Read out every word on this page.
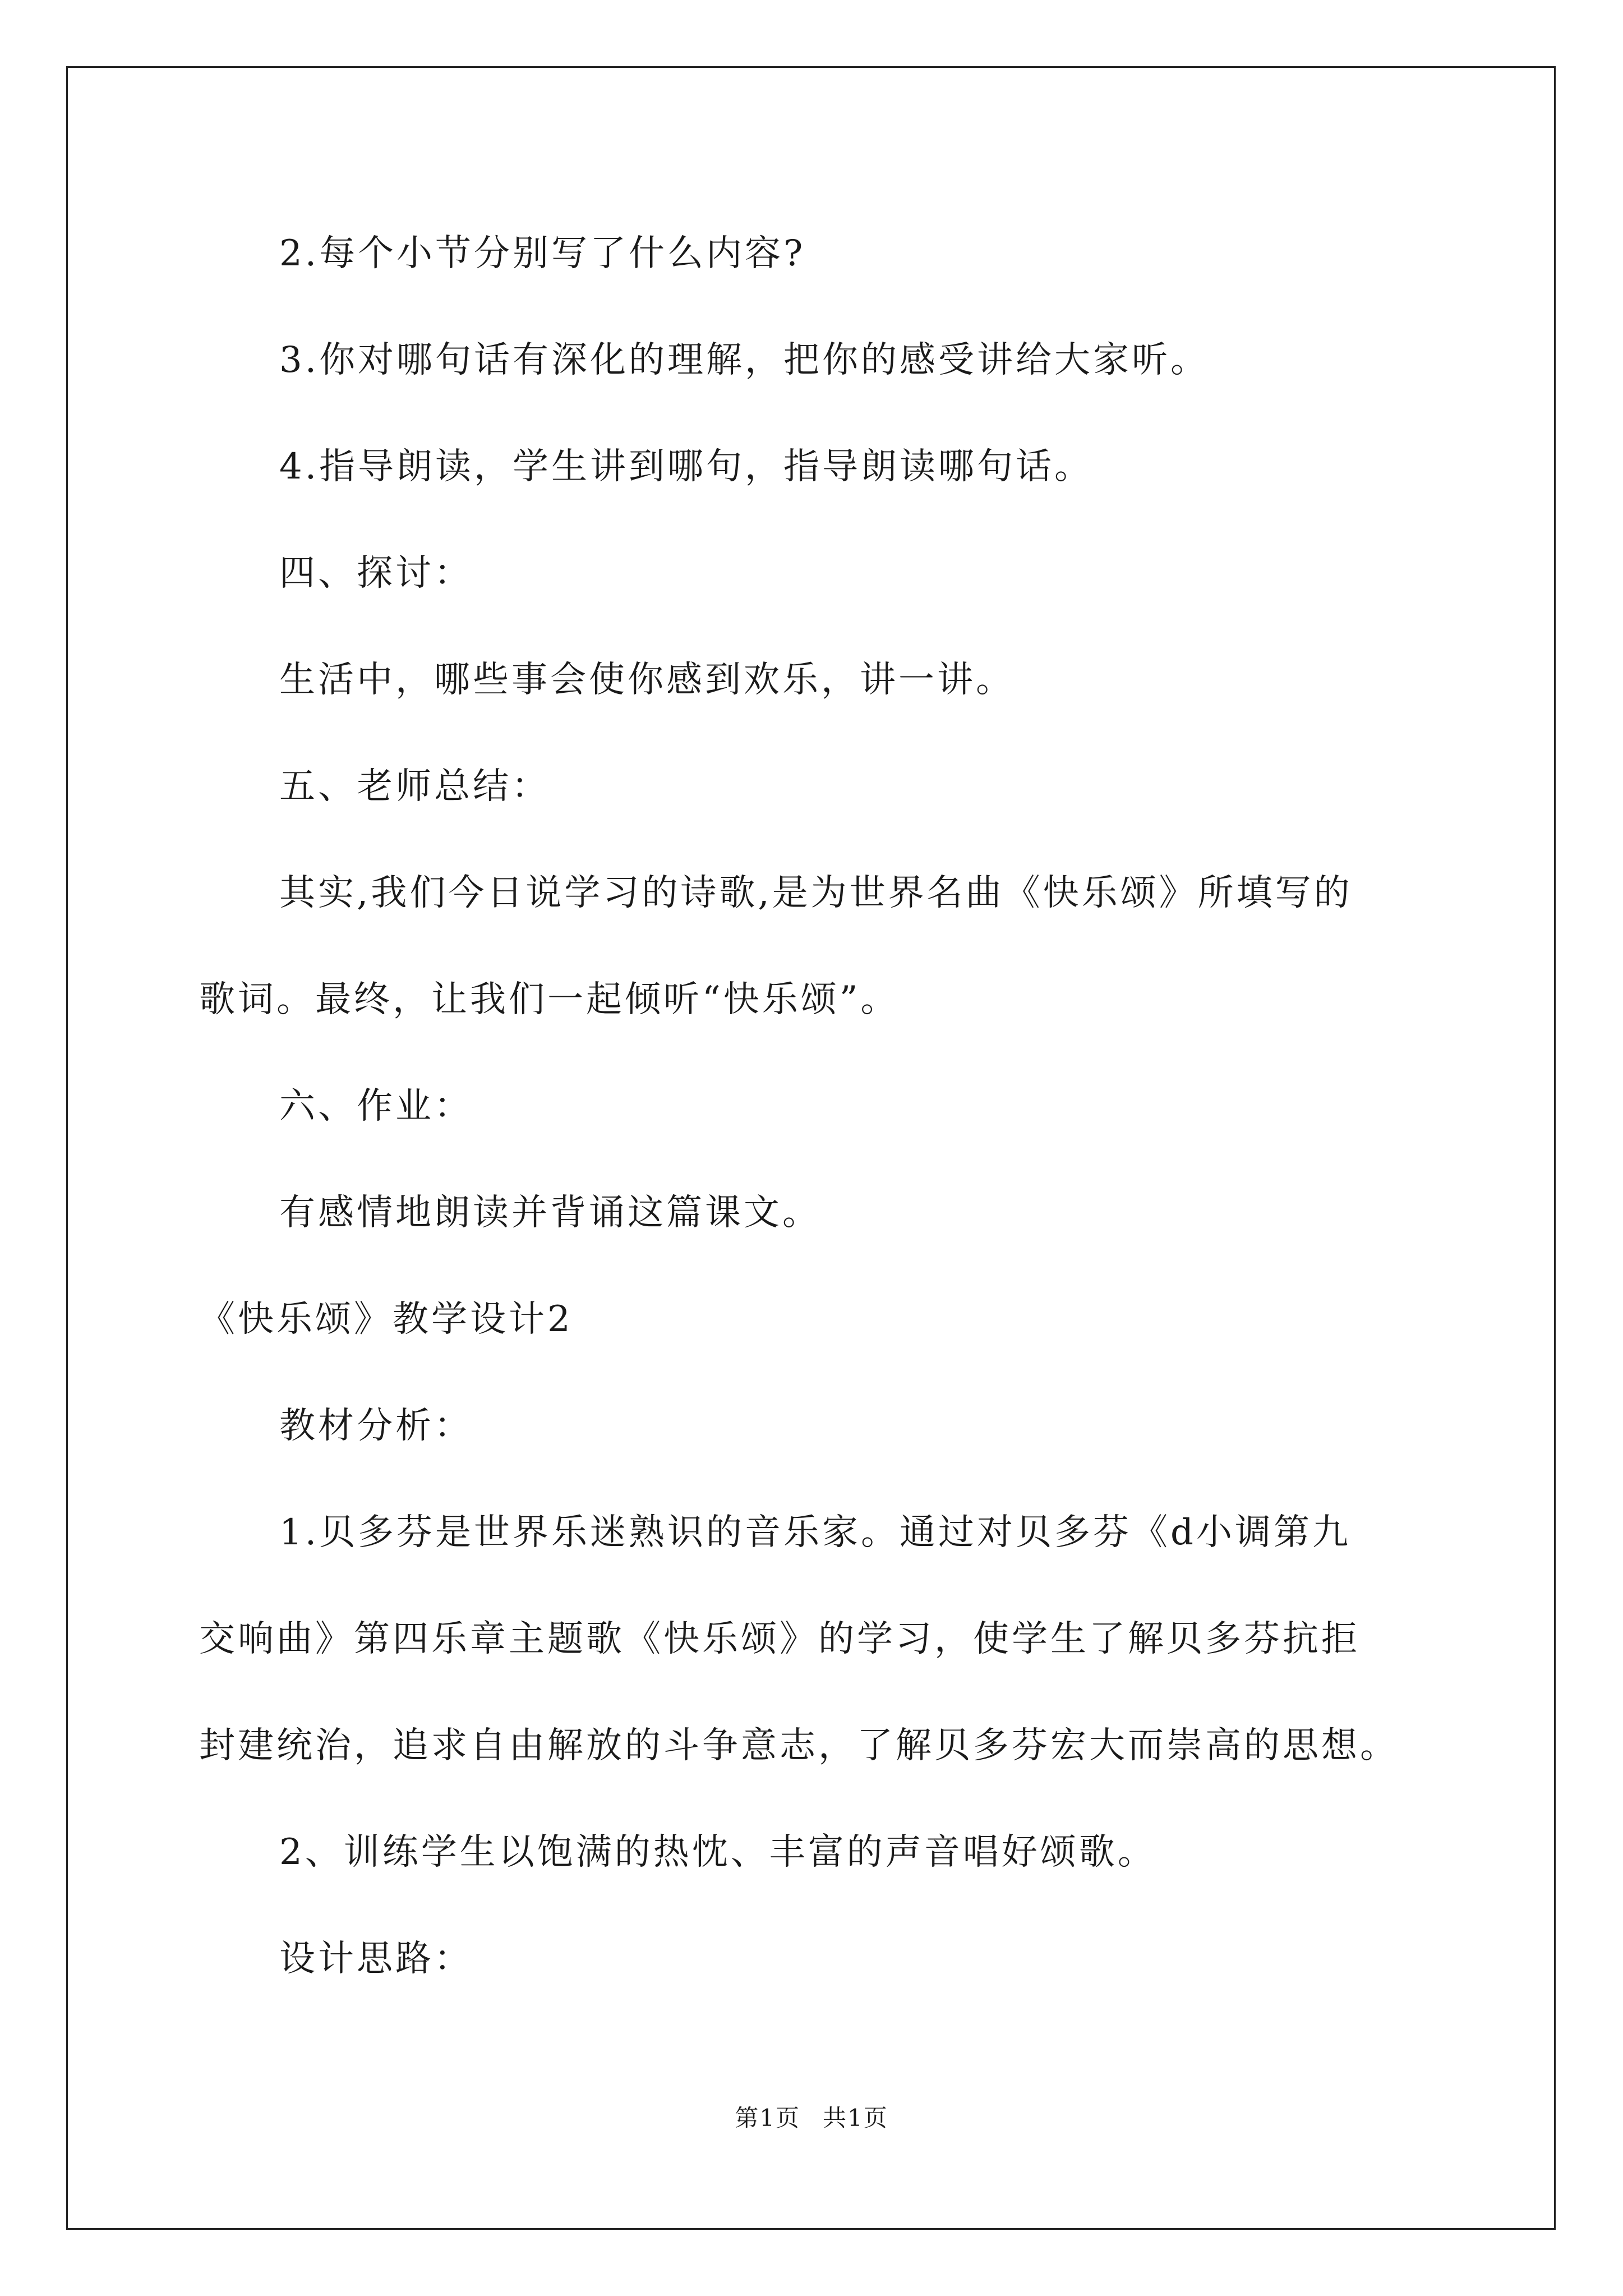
2.每个小节分别写了什么内容?
3.你对哪句话有深化的理解，把你的感受讲给大家听。
4.指导朗读，学生讲到哪句，指导朗读哪句话。
四、探讨：
生活中，哪些事会使你感到欢乐，讲一讲。
五、老师总结：
其实,我们今日说学习的诗歌,是为世界名曲《快乐颂》所填写的
歌词。最终，让我们一起倾听“快乐颂”。
六、作业：
有感情地朗读并背诵这篇课文。
《快乐颂》教学设计2
教材分析：
1.贝多芬是世界乐迷熟识的音乐家。通过对贝多芬《d小调第九
交响曲》第四乐章主题歌《快乐颂》的学习，使学生了解贝多芬抗拒
封建统治，追求自由解放的斗争意志，了解贝多芬宏大而崇高的思想。
2、训练学生以饱满的热忱、丰富的声音唱好颂歌。
设计思路：
第1页 共1页
